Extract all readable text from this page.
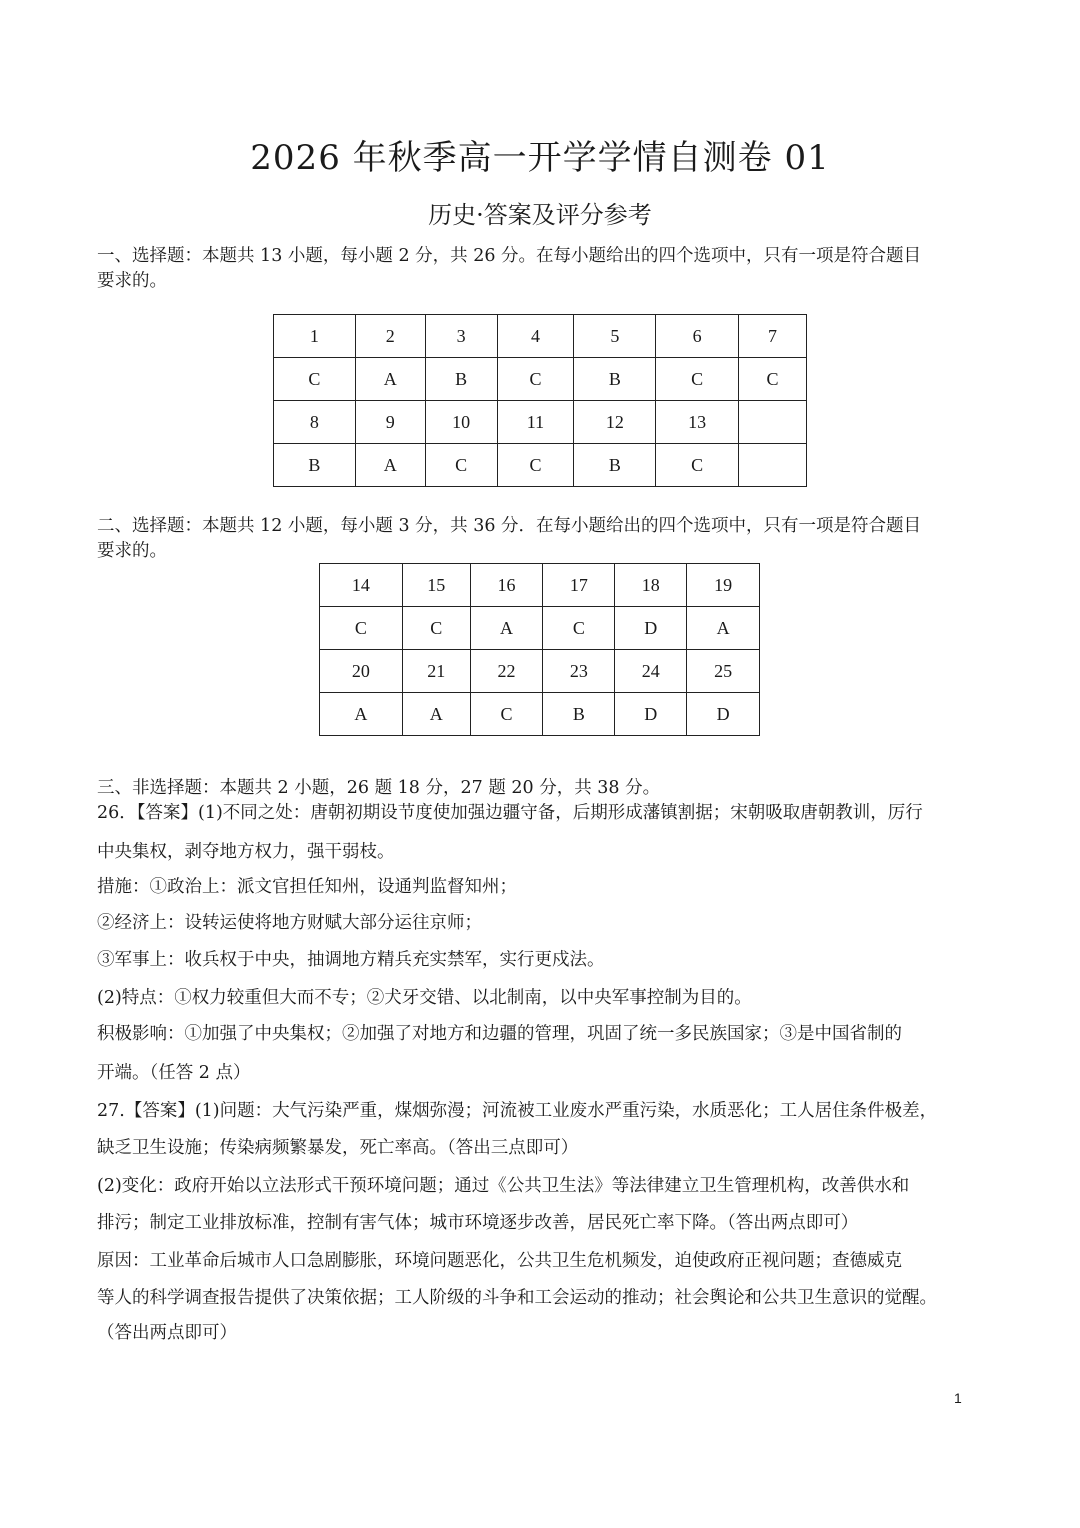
2026 年秋季高一开学学情自测卷 01
历史·答案及评分参考

一、选择题：本题共 13 小题，每小题 2 分，共 26 分。在每小题给出的四个选项中，只有一项是符合题目
要求的。

1	2	3	4	5	6	7
C	A	B	C	B	C	C
8	9	10	11	12	13	
B	A	C	C	B	C	

二、选择题：本题共 12 小题，每小题 3 分，共 36 分．在每小题给出的四个选项中，只有一项是符合题目
要求的。

14	15	16	17	18	19
C	C	A	C	D	A
20	21	22	23	24	25
A	A	C	B	D	D
三、非选择题：本题共 2 小题，26 题 18 分，27 题 20 分，共 38 分。
26．【答案】(1)不同之处：唐朝初期设节度使加强边疆守备，后期形成藩镇割据；宋朝吸取唐朝教训，厉行
中央集权，剥夺地方权力，强干弱枝。
措施：①政治上：派文官担任知州，设通判监督知州；
②经济上：设转运使将地方财赋大部分运往京师；
③军事上：收兵权于中央，抽调地方精兵充实禁军，实行更戍法。
(2)特点：①权力较重但大而不专；②犬牙交错、以北制南，以中央军事控制为目的。
积极影响：①加强了中央集权；②加强了对地方和边疆的管理，巩固了统一多民族国家；③是中国省制的
开端。（任答 2 点）
27.【答案】(1)问题：大气污染严重，煤烟弥漫；河流被工业废水严重污染，水质恶化；工人居住条件极差，
缺乏卫生设施；传染病频繁暴发，死亡率高。（答出三点即可）
(2)变化：政府开始以立法形式干预环境问题；通过《公共卫生法》等法律建立卫生管理机构，改善供水和
排污；制定工业排放标准，控制有害气体；城市环境逐步改善，居民死亡率下降。（答出两点即可）
原因：工业革命后城市人口急剧膨胀，环境问题恶化，公共卫生危机频发，迫使政府正视问题；查德威克
等人的科学调查报告提供了决策依据；工人阶级的斗争和工会运动的推动；社会舆论和公共卫生意识的觉醒。
（答出两点即可）
1
